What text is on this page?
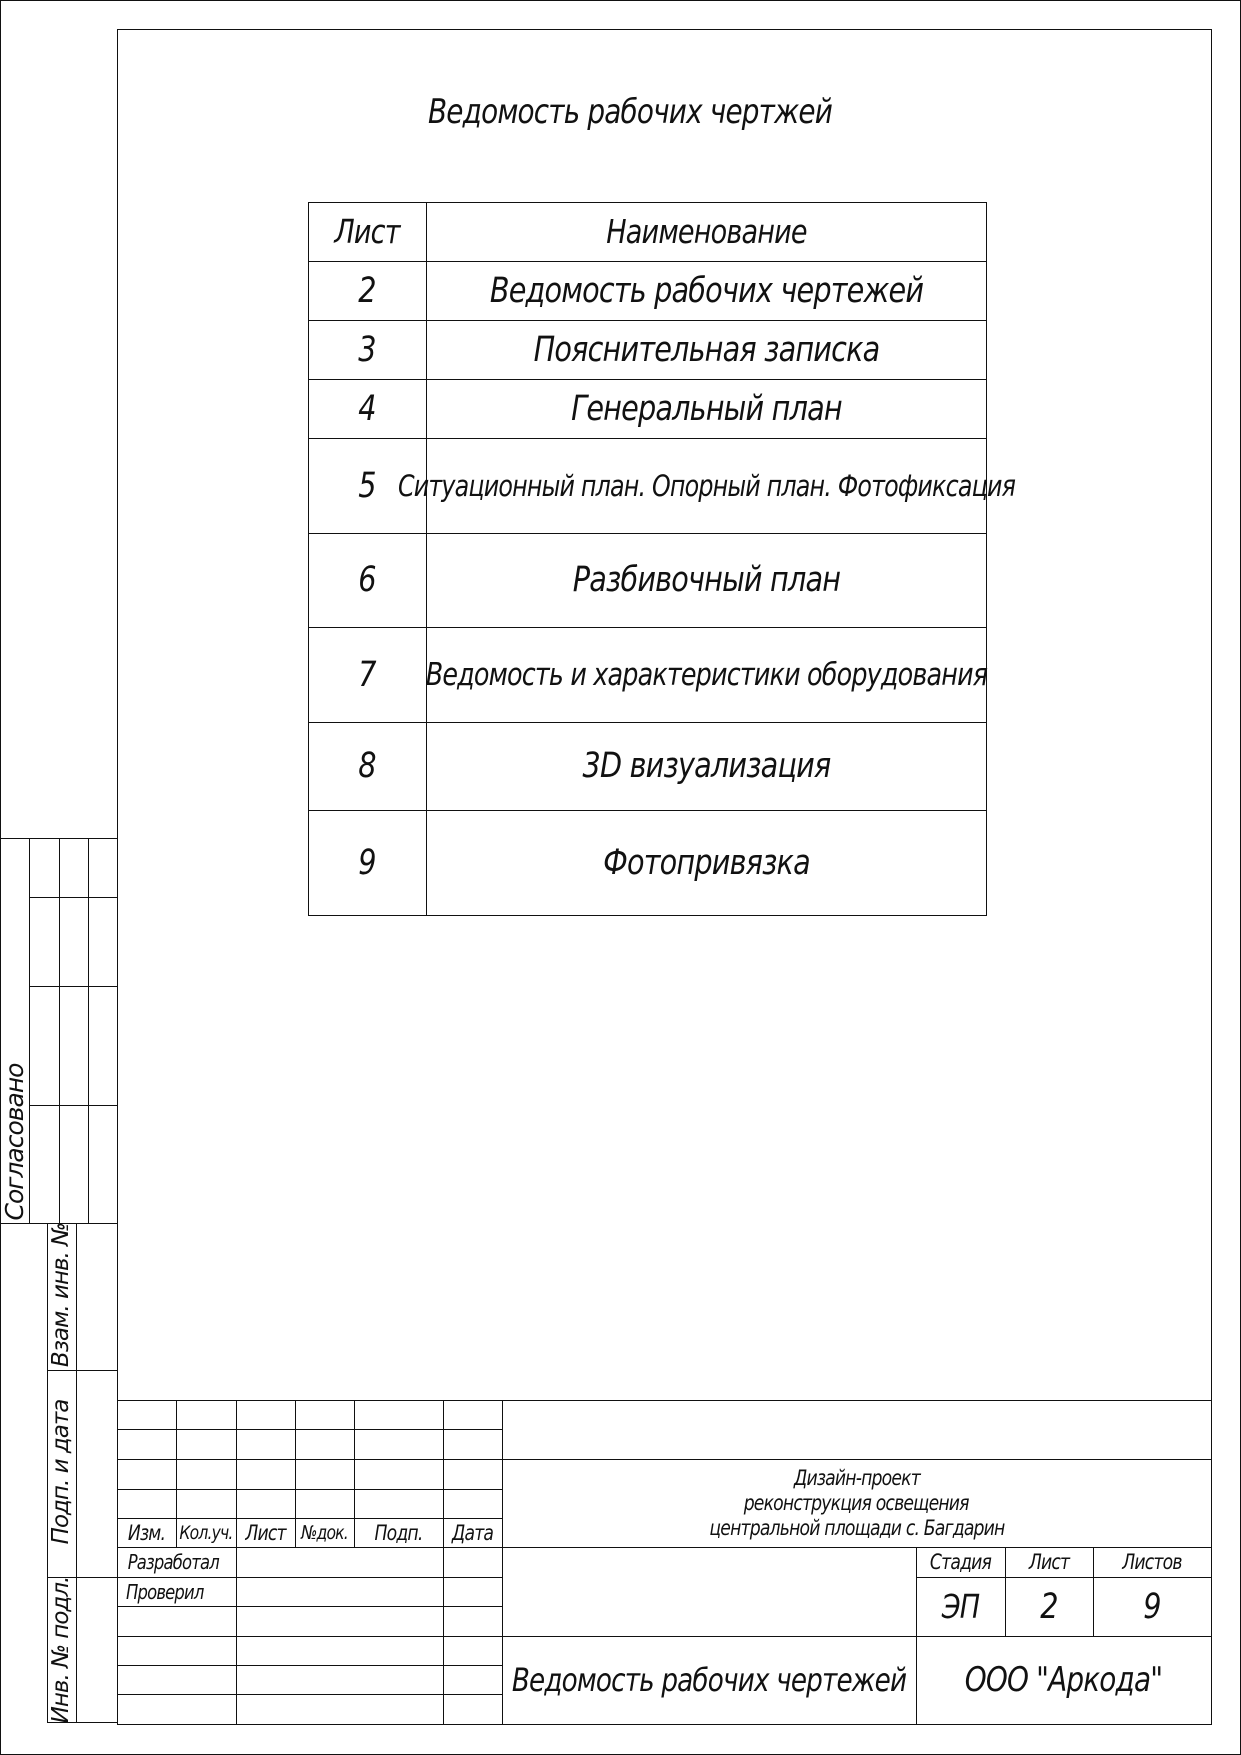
Ведомость рабочих чертжей
Лист	Наименование
2	Ведомость рабочих чертежей
3	Пояснительная записка
4	Генеральный план
5 Ситуационный план. Опорный план. Фотофиксация
6	Разбивочный план
7	Ведомость и характеристики оборудования
8	3D визуализация
9	Фотопривязка
Согласовано
Взам. инв. №
Подп. и дата
Инв. № подл.
Изм. Кол.уч. Лист №док.	Подп.	Дата
Разработал
Проверил
Дизайн-проект
реконструкция освещения
центральной площади с. Багдарин
Стадия	Лист	Листов
ЭП	2	9
Ведомость рабочих чертежей	ООО "Аркода"
